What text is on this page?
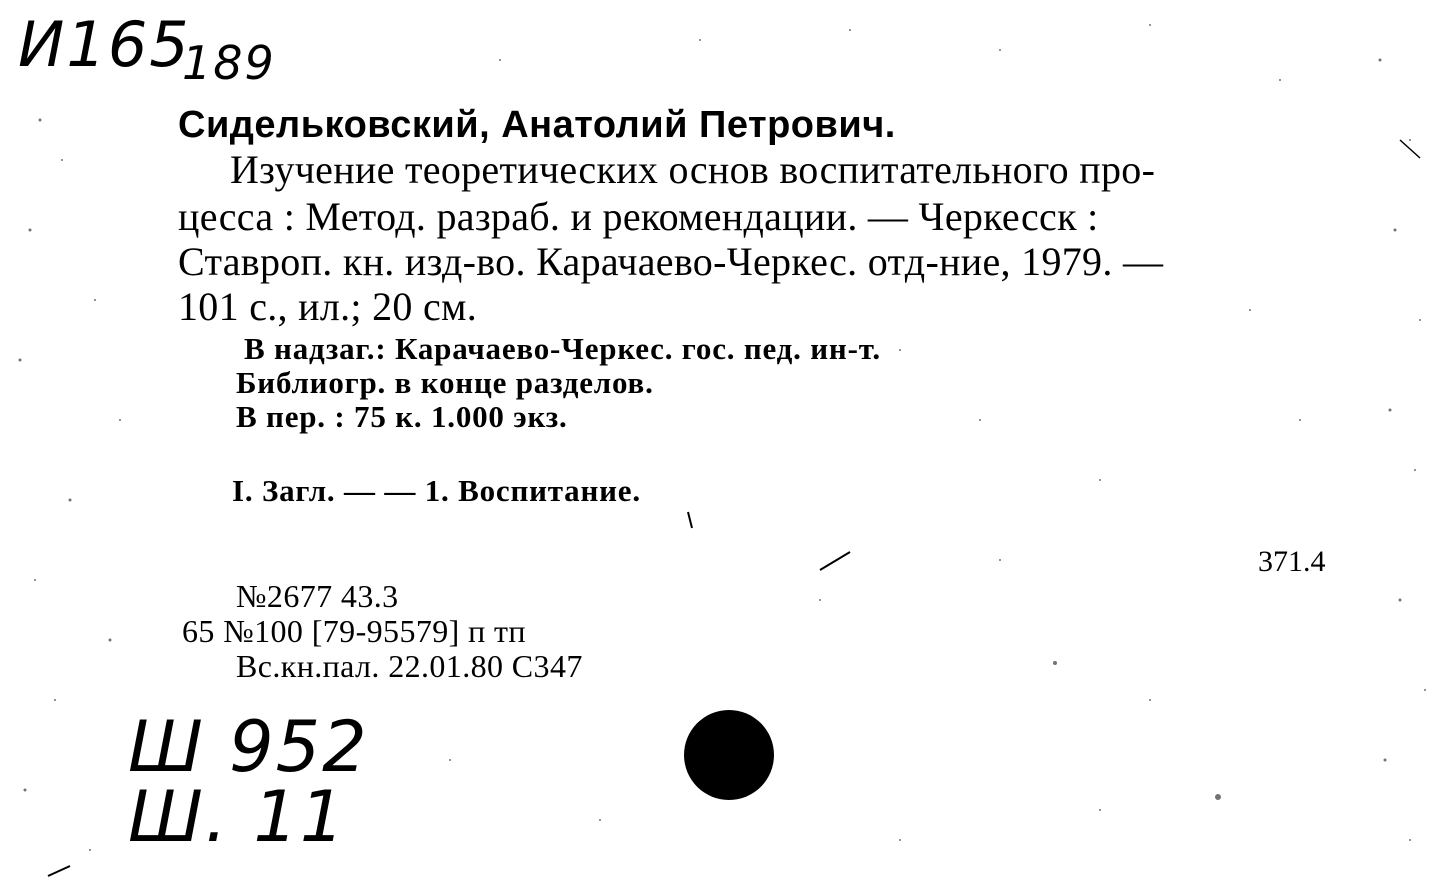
И165
189
Сидельковский, Анатолий Петрович.
Изучение теоретических основ воспитательного про-
цесса : Метод. разраб. и рекомендации. — Черкесск :
Ставроп. кн. изд-во. Карачаево-Черкес. отд-ние, 1979. —
101 с., ил.; 20 см.
В надзаг.: Карачаево-Черкес. гос. пед. ин-т.
Библиогр. в конце разделов.
В пер. : 75 к. 1.000 экз.
I. Загл. — — 1. Воспитание.
371.4
№2677 43.3
65 №100 [79-95579] п тп
Вс.кн.пал. 22.01.80 С347
Ш 952
Ш. 11
